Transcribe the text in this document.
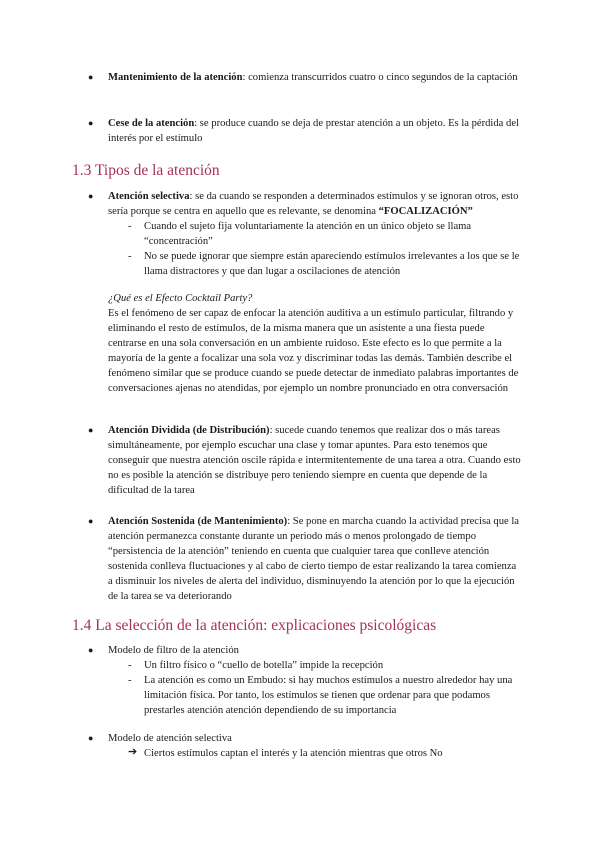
● Mantenimiento de la atención: comienza transcurridos cuatro o cinco segundos de la captación

● Cese de la atención: se produce cuando se deja de prestar atención a un objeto. Es la pérdida del interés por el estímulo

1.3 Tipos de la atención
● Atención selectiva: se da cuando se responden a determinados estímulos y se ignoran otros, esto sería porque se centra en aquello que es relevante, se denomina “FOCALIZACIÓN”

- Cuando el sujeto fija voluntariamente la atención en un único objeto se llama “concentración”

- No se puede ignorar que siempre están apareciendo estímulos irrelevantes a los que se le llama distractores y que dan lugar a oscilaciones de atención

¿Qué es el Efecto Cocktail Party?

Es el fenómeno de ser capaz de enfocar la atención auditiva a un estímulo particular, filtrando y eliminando el resto de estímulos, de la misma manera que un asistente a una fiesta puede centrarse en una sola conversación en un ambiente ruidoso. Este efecto es lo que permite a la mayoría de la gente a focalizar una sola voz y discriminar todas las demás. También describe el fenómeno similar que se produce cuando se puede detectar de inmediato palabras importantes de conversaciones ajenas no atendidas, por ejemplo un nombre pronunciado en otra conversación

● Atención Dividida (de Distribución): sucede cuando tenemos que realizar dos o más tareas simultáneamente, por ejemplo escuchar una clase y tomar apuntes. Para esto tenemos que conseguir que nuestra atención oscile rápida e intermitentemente de una tarea a otra. Cuando esto no es posible la atención se distribuye pero teniendo siempre en cuenta que depende de la dificultad de la tarea

● Atención Sostenida (de Mantenimiento): Se pone en marcha cuando la actividad precisa que la atención permanezca constante durante un periodo más o menos prolongado de tiempo “persistencia de la atención” teniendo en cuenta que cualquier tarea que conlleve atención sostenida conlleva fluctuaciones y al cabo de cierto tiempo de estar realizando la tarea comienza a disminuir los niveles de alerta del individuo, disminuyendo la atención por lo que la ejecución de la tarea se va deteriorando

1.4 La selección de la atención: explicaciones psicológicas
● Modelo de filtro de la atención

- Un filtro físico o “cuello de botella” impide la recepción

- La atención es como un Embudo: si hay muchos estímulos a nuestro alrededor hay una limitación física. Por tanto, los estímulos se tienen que ordenar para que podamos prestarles atención atención dependiendo de su importancia

● Modelo de atención selectiva

➔ Ciertos estímulos captan el interés y la atención mientras que otros No
